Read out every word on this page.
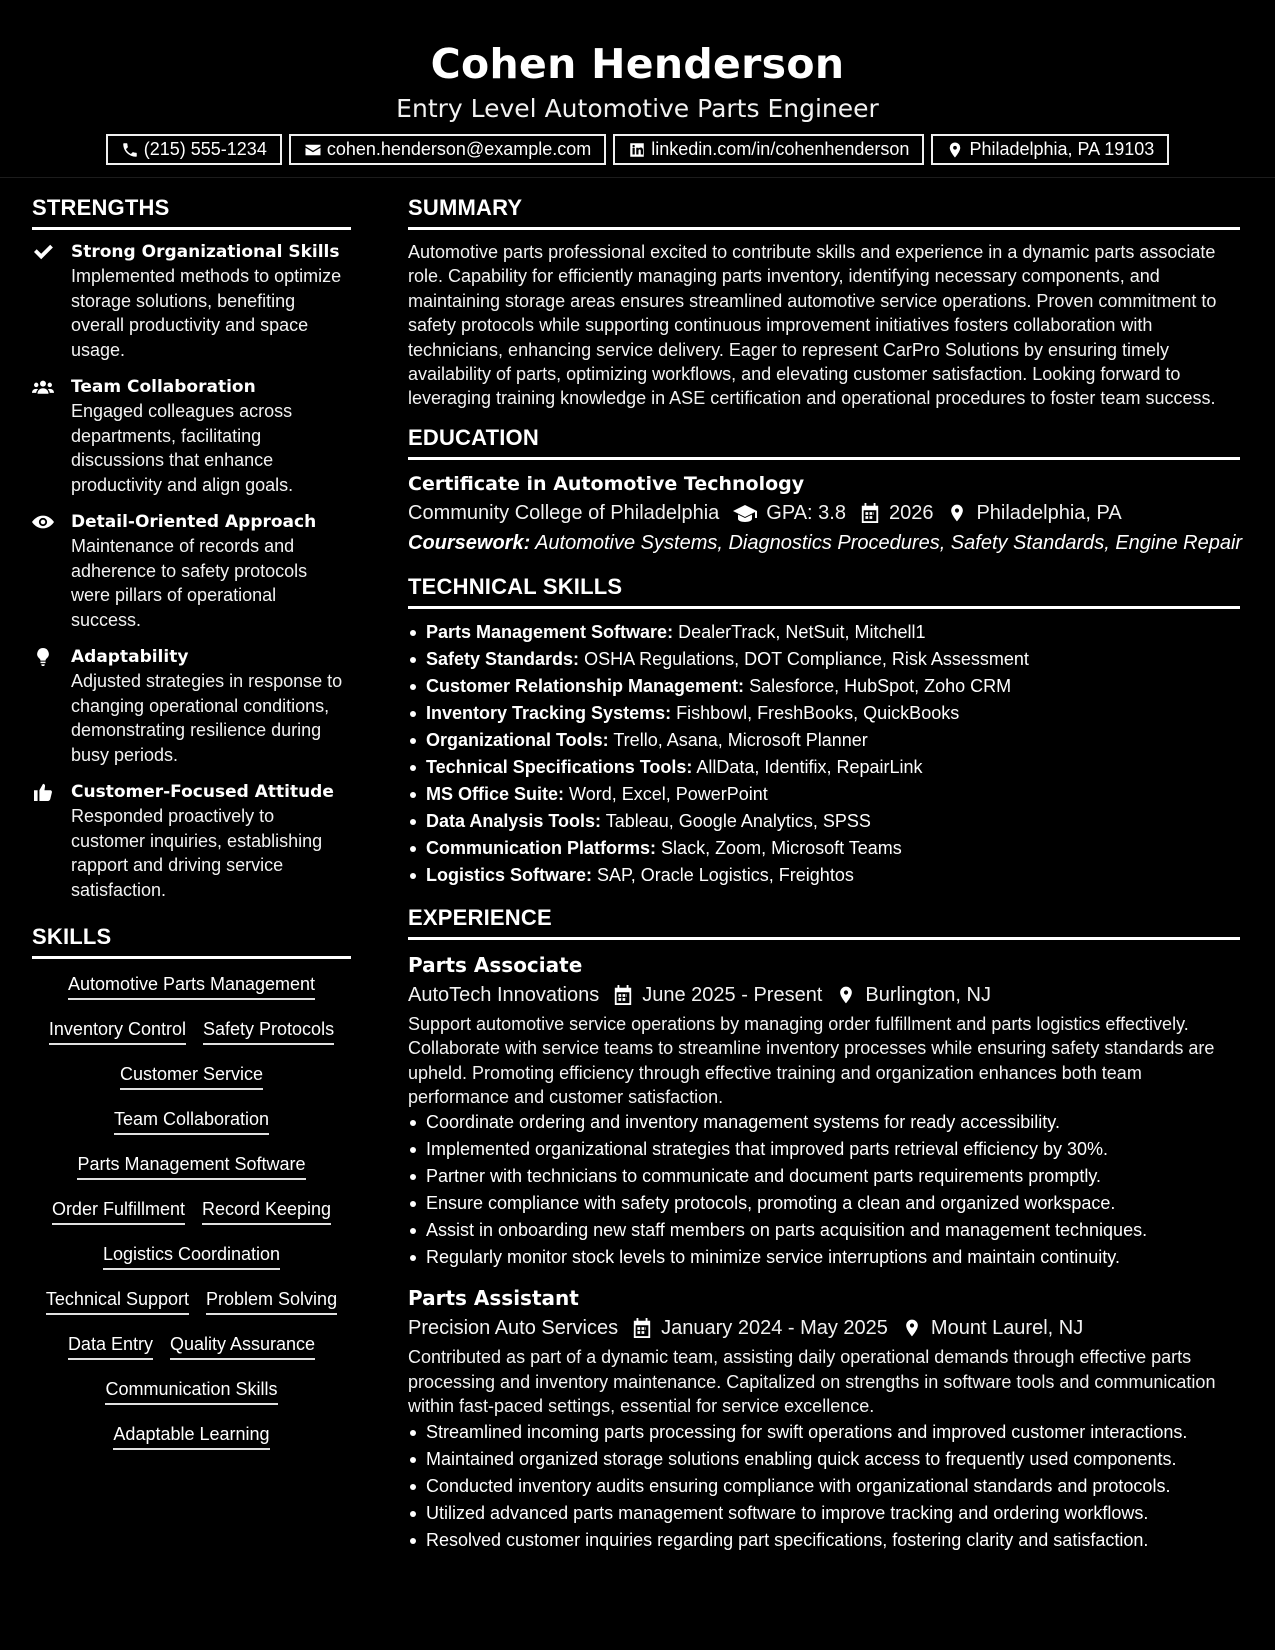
Cohen Henderson
Entry Level Automotive Parts Engineer
(215) 555-1234	cohen.henderson@example.com	linkedin.com/in/cohenhenderson	Philadelphia, PA 19103
STRENGTHS
Strong Organizational Skills
Implemented methods to optimize storage solutions, benefiting overall productivity and space usage.
Team Collaboration
Engaged colleagues across departments, facilitating discussions that enhance productivity and align goals.
Detail-Oriented Approach
Maintenance of records and adherence to safety protocols were pillars of operational success.
Adaptability
Adjusted strategies in response to changing operational conditions, demonstrating resilience during busy periods.
Customer-Focused Attitude
Responded proactively to customer inquiries, establishing rapport and driving service satisfaction.
SKILLS
Automotive Parts Management
Inventory Control Safety Protocols
Customer Service
Team Collaboration
Parts Management Software
Order Fulfillment Record Keeping
Logistics Coordination
Technical Support Problem Solving
Data Entry Quality Assurance
Communication Skills
Adaptable Learning
SUMMARY
Automotive parts professional excited to contribute skills and experience in a dynamic parts associate role. Capability for efficiently managing parts inventory, identifying necessary components, and maintaining storage areas ensures streamlined automotive service operations. Proven commitment to safety protocols while supporting continuous improvement initiatives fosters collaboration with technicians, enhancing service delivery. Eager to represent CarPro Solutions by ensuring timely availability of parts, optimizing workflows, and elevating customer satisfaction. Looking forward to leveraging training knowledge in ASE certification and operational procedures to foster team success.
EDUCATION
Certificate in Automotive Technology
Community College of Philadelphia GPA: 3.8 2026 Philadelphia, PA
Coursework: Automotive Systems, Diagnostics Procedures, Safety Standards, Engine Repair
TECHNICAL SKILLS
Parts Management Software: DealerTrack, NetSuit, Mitchell1
Safety Standards: OSHA Regulations, DOT Compliance, Risk Assessment
Customer Relationship Management: Salesforce, HubSpot, Zoho CRM
Inventory Tracking Systems: Fishbowl, FreshBooks, QuickBooks
Organizational Tools: Trello, Asana, Microsoft Planner
Technical Specifications Tools: AllData, Identifix, RepairLink
MS Office Suite: Word, Excel, PowerPoint
Data Analysis Tools: Tableau, Google Analytics, SPSS
Communication Platforms: Slack, Zoom, Microsoft Teams
Logistics Software: SAP, Oracle Logistics, Freightos
EXPERIENCE
Parts Associate
AutoTech Innovations June 2025 - Present Burlington, NJ
Support automotive service operations by managing order fulfillment and parts logistics effectively. Collaborate with service teams to streamline inventory processes while ensuring safety standards are upheld. Promoting efficiency through effective training and organization enhances both team performance and customer satisfaction.
Coordinate ordering and inventory management systems for ready accessibility.
Implemented organizational strategies that improved parts retrieval efficiency by 30%.
Partner with technicians to communicate and document parts requirements promptly.
Ensure compliance with safety protocols, promoting a clean and organized workspace.
Assist in onboarding new staff members on parts acquisition and management techniques.
Regularly monitor stock levels to minimize service interruptions and maintain continuity.
Parts Assistant
Precision Auto Services January 2024 - May 2025 Mount Laurel, NJ
Contributed as part of a dynamic team, assisting daily operational demands through effective parts processing and inventory maintenance. Capitalized on strengths in software tools and communication within fast-paced settings, essential for service excellence.
Streamlined incoming parts processing for swift operations and improved customer interactions.
Maintained organized storage solutions enabling quick access to frequently used components.
Conducted inventory audits ensuring compliance with organizational standards and protocols.
Utilized advanced parts management software to improve tracking and ordering workflows.
Resolved customer inquiries regarding part specifications, fostering clarity and satisfaction.
